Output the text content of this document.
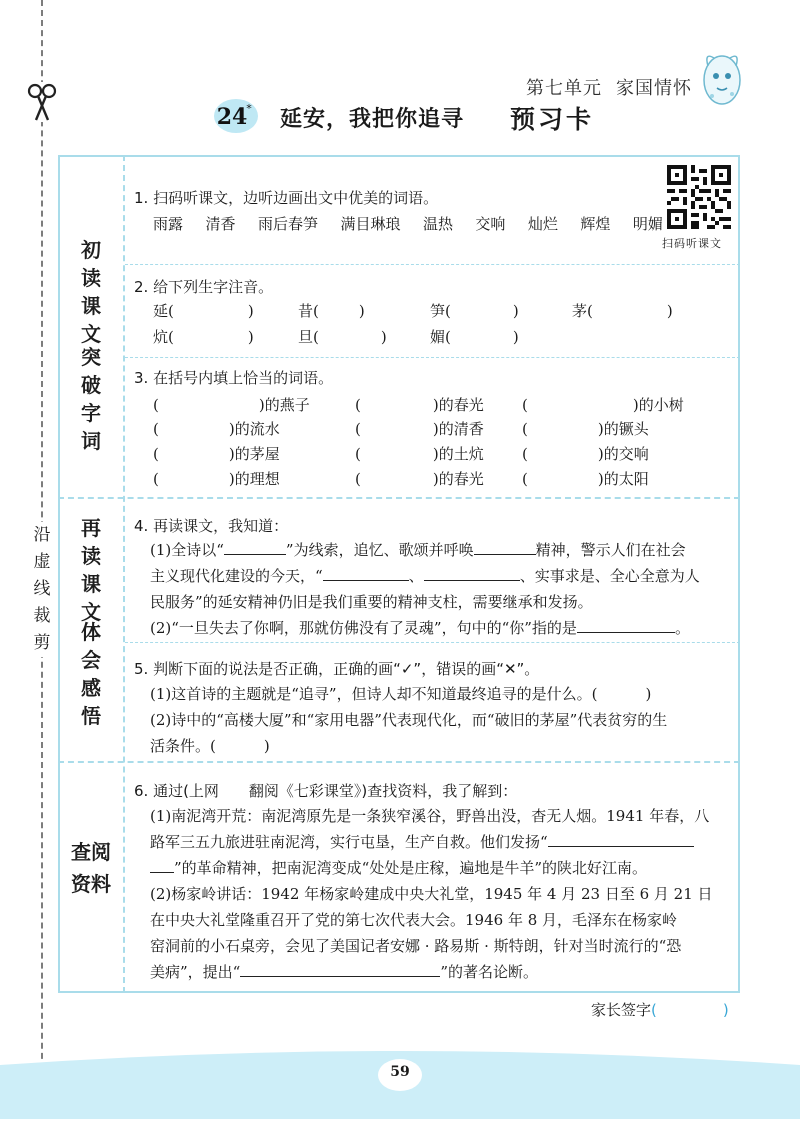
沿
虚
线
裁
剪
第七单元 家国情怀
24
* 延安，我把你追寻 预习卡
初
读
课
文
突
破
字
词
再
读
课
文
体
会
感
悟
查阅
资料
1. 扫码听课文，边听边画出文中优美的词语。
雨露 清香 雨后春笋 满目琳琅 温热 交响 灿烂 辉煌 明媚
扫码听课文
2. 给下列生字注音。
延(	)	昔(	)	笋(	)	茅(	)
炕(	)	旦(	)	媚(	)
3. 在括号内填上恰当的词语。
(	)的燕子	(	)的春光	(	)的小树
(	)的流水	(	)的清香	(	)的镢头
(	)的茅屋	(	)的土炕	(	)的交响
(	)的理想	(	)的春光	(	)的太阳
4. 再读课文，我知道：
(1)全诗以“	”为线索，追忆、歌颂并呼唤	精神，警示人们在社会
主义现代化建设的今天，“	、	、实事求是、全心全意为人
民服务”的延安精神仍旧是我们重要的精神支柱，需要继承和发扬。
(2)“一旦失去了你啊，那就仿佛没有了灵魂”，句中的“你”指的是	。
5. 判断下面的说法是否正确，正确的画“✓”，错误的画“✕”。
(1)这首诗的主题就是“追寻”，但诗人却不知道最终追寻的是什么。(	)
(2)诗中的“高楼大厦”和“家用电器”代表现代化，而“破旧的茅屋”代表贫穷的生
活条件。(	)
6. 通过(上网　　翻阅《七彩课堂》)查找资料，我了解到：
(1)南泥湾开荒：南泥湾原先是一条狭窄溪谷，野兽出没，杳无人烟。1941 年春，八
路军三五九旅进驻南泥湾，实行屯垦，生产自救。他们发扬“
”的革命精神，把南泥湾变成“处处是庄稼，遍地是牛羊”的陕北好江南。
(2)杨家岭讲话：1942 年杨家岭建成中央大礼堂，1945 年 4 月 23 日至 6 月 21 日
在中央大礼堂隆重召开了党的第七次代表大会。1946 年 8 月，毛泽东在杨家岭
窑洞前的小石桌旁，会见了美国记者安娜 · 路易斯 · 斯特朗，针对当时流行的“恐
美病”，提出“	”的著名论断。
家长签字(	)
59
